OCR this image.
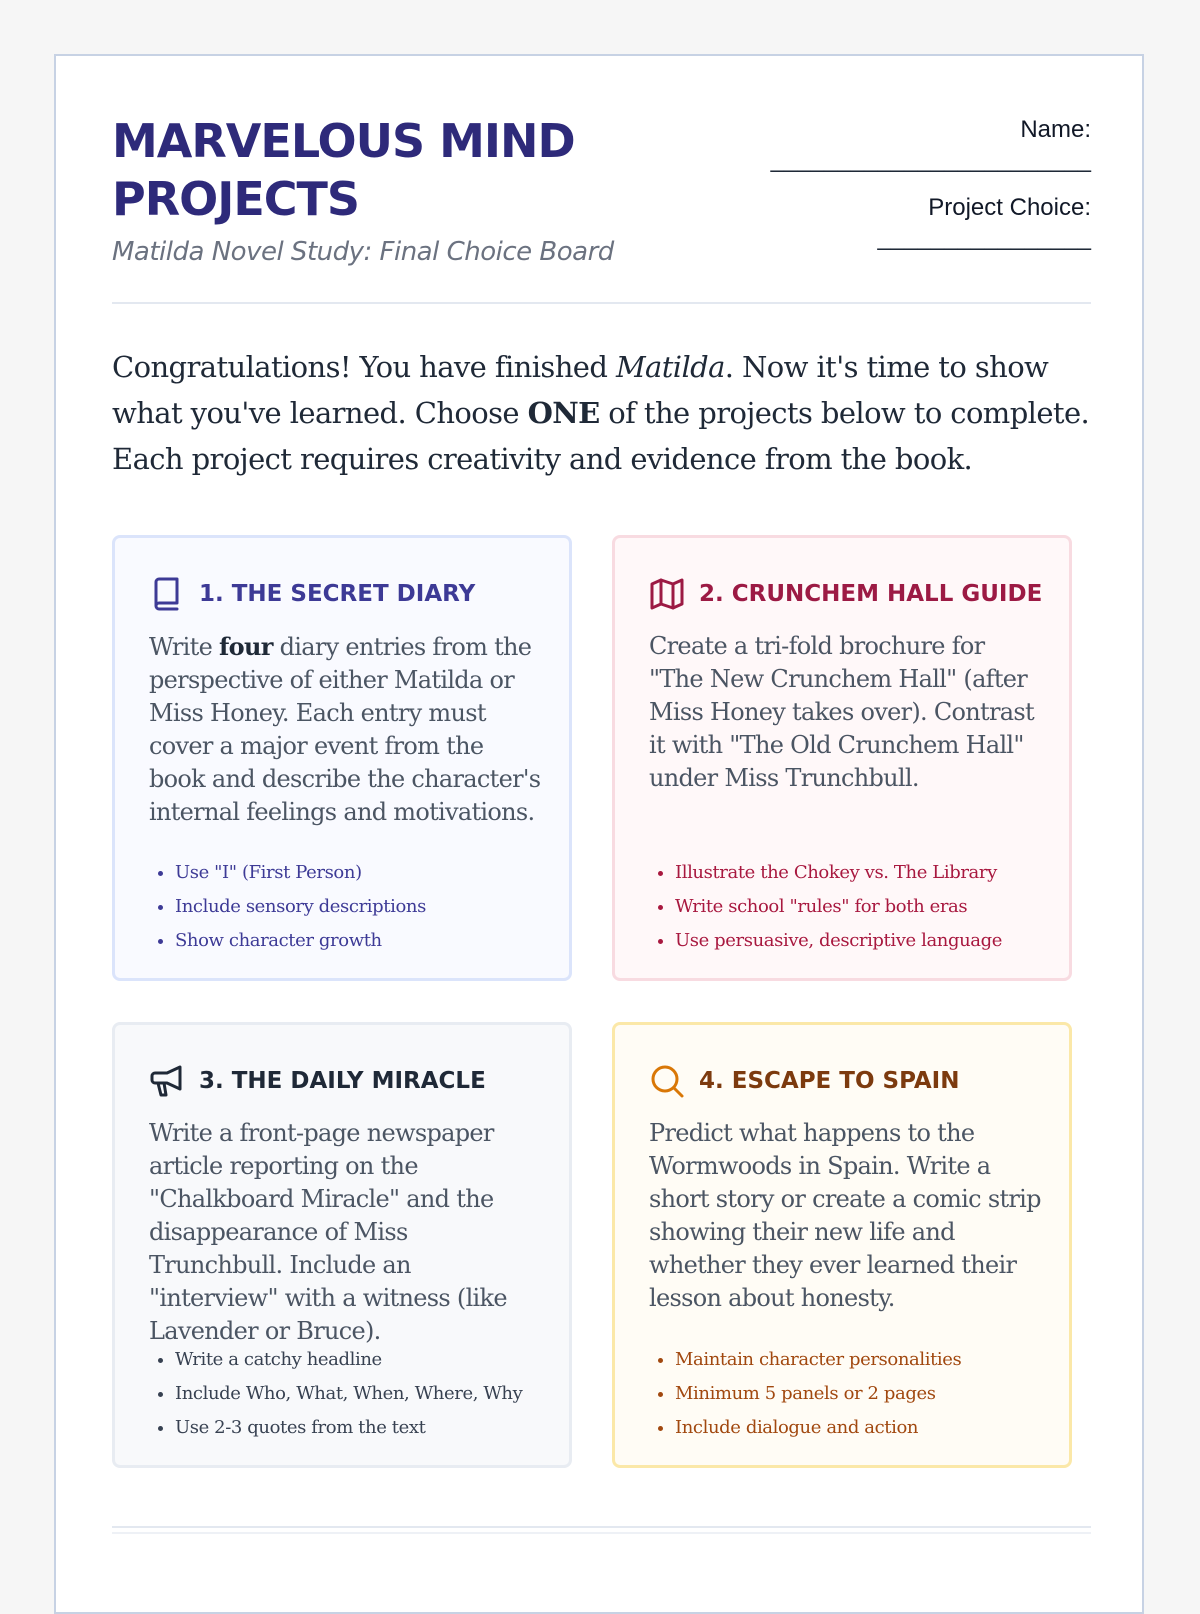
MARVELOUS MIND PROJECTS
Matilda Novel Study: Final Choice Board
Name:
________________________
Project Choice:
________________

Congratulations! You have finished Matilda. Now it's time to show what you've learned. Choose ONE of the projects below to complete. Each project requires creativity and evidence from the book.

1. THE SECRET DIARY

Write four diary entries from the perspective of either Matilda or Miss Honey. Each entry must cover a major event from the book and describe the character's internal feelings and motivations.

• Use "I" (First Person)
• Include sensory descriptions
• Show character growth
2. CRUNCHEM HALL GUIDE

Create a tri-fold brochure for "The New Crunchem Hall" (after Miss Honey takes over). Contrast it with "The Old Crunchem Hall" under Miss Trunchbull.

• Illustrate the Chokey vs. The Library
• Write school "rules" for both eras
• Use persuasive, descriptive language
3. THE DAILY MIRACLE

Write a front-page newspaper article reporting on the "Chalkboard Miracle" and the disappearance of Miss Trunchbull. Include an "interview" with a witness (like Lavender or Bruce).

• Write a catchy headline
• Include Who, What, When, Where, Why
• Use 2-3 quotes from the text
4. ESCAPE TO SPAIN

Predict what happens to the Wormwoods in Spain. Write a short story or create a comic strip showing their new life and whether they ever learned their lesson about honesty.

• Maintain character personalities
• Minimum 5 panels or 2 pages
• Include dialogue and action
